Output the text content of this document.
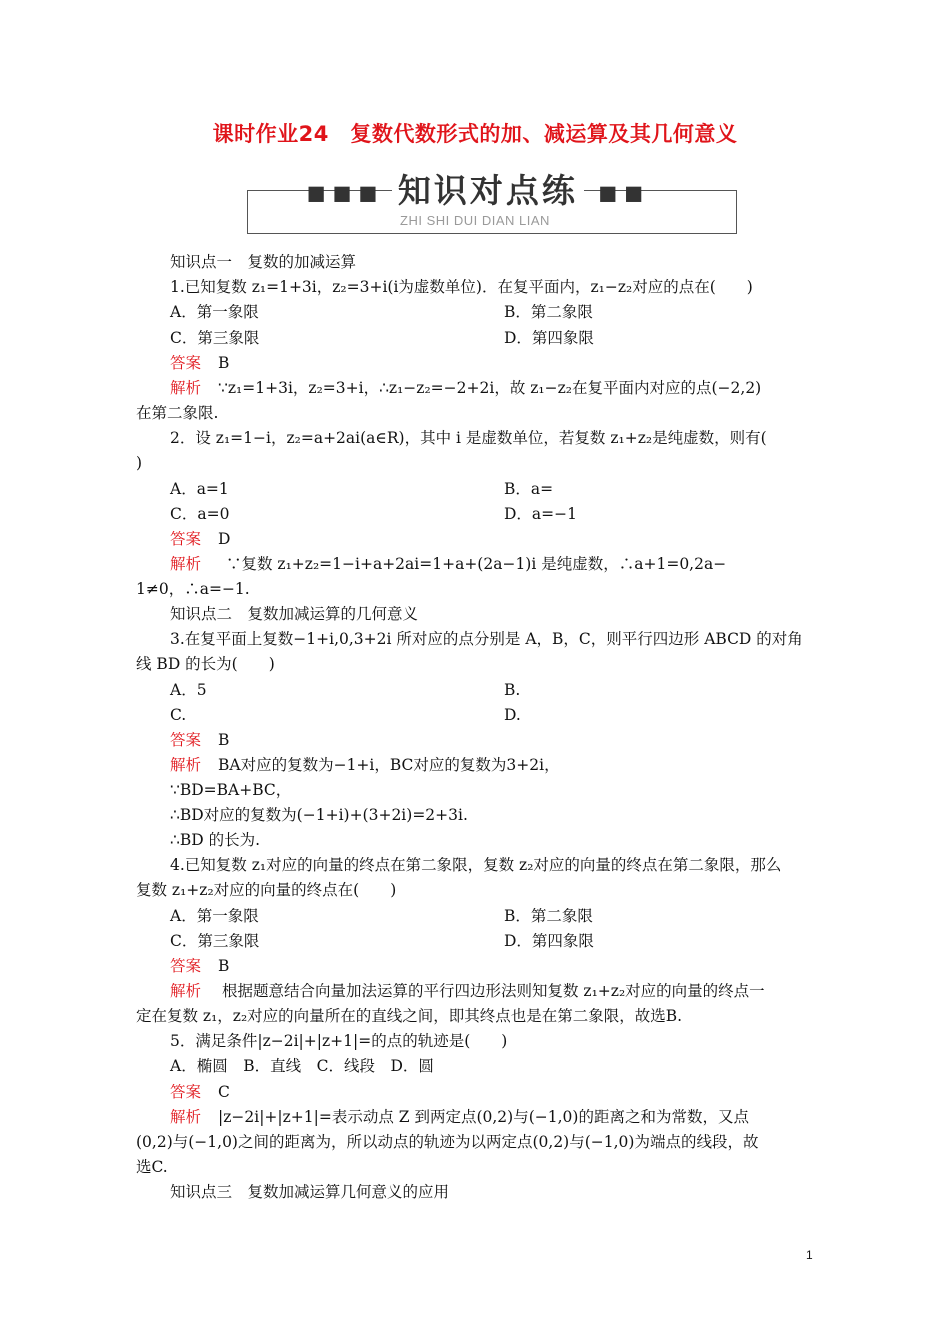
课时作业24　复数代数形式的加、减运算及其几何意义
■ ■ ■ 知识对点练 ■ ■
ZHI SHI DUI DIAN LIAN
知识点一　复数的加减运算
1.已知复数 z₁=1+3i，z₂=3+i(i为虚数单位)．在复平面内，z₁−z₂对应的点在(　　)
A．第一象限	B．第二象限
C．第三象限	D．第四象限
答案 B
解析 ∵z₁=1+3i，z₂=3+i，∴z₁−z₂=−2+2i，故 z₁−z₂在复平面内对应的点(−2,2)
在第二象限.
2．设 z₁=1−i，z₂=a+2ai(a∈R)，其中 i 是虚数单位，若复数 z₁+z₂是纯虚数，则有(
)
A．a=1	B．a=
C．a=0	D．a=−1
答案 D
解析 ∵复数 z₁+z₂=1−i+a+2ai=1+a+(2a−1)i 是纯虚数，∴a+1=0,2a−
1≠0，∴a=−1.
知识点二　复数加减运算的几何意义
3.在复平面上复数−1+i,0,3+2i 所对应的点分别是 A，B，C，则平行四边形 ABCD 的对角
线 BD 的长为(　　)
A．5	B.
C.	D.
答案 B
解析 BA对应的复数为−1+i，BC对应的复数为3+2i，
∵BD=BA+BC，
∴BD对应的复数为(−1+i)+(3+2i)=2+3i.
∴BD 的长为.
4.已知复数 z₁对应的向量的终点在第二象限，复数 z₂对应的向量的终点在第二象限，那么
复数 z₁+z₂对应的向量的终点在(　　)
A．第一象限	B．第二象限
C．第三象限	D．第四象限
答案 B
解析 根据题意结合向量加法运算的平行四边形法则知复数 z₁+z₂对应的向量的终点一
定在复数 z₁，z₂对应的向量所在的直线之间，即其终点也是在第二象限，故选B.
5．满足条件|z−2i|+|z+1|=的点的轨迹是(　　)
A．椭圆　B．直线　C．线段　D．圆
答案 C
解析 |z−2i|+|z+1|=表示动点 Z 到两定点(0,2)与(−1,0)的距离之和为常数，又点
(0,2)与(−1,0)之间的距离为，所以动点的轨迹为以两定点(0,2)与(−1,0)为端点的线段，故
选C.
知识点三　复数加减运算几何意义的应用
1
